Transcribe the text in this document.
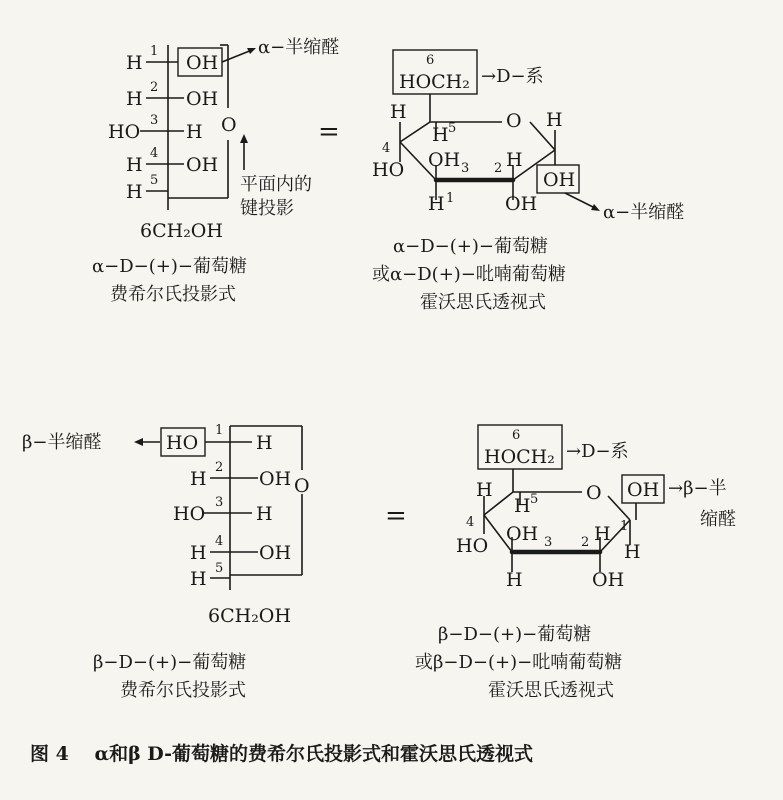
H
1
OH
α−半缩醛
H
2
OH
HO
3
H O
H
4
OH
H
5
6CH₂OH
平面内的
键投影
α−D−(+)−葡萄糖
费希尔氏投影式
=
6
HOCH₂ →D−系
O H
OH
α−半缩醛
H
4
HO
H 5
OH 3
H 1
H
2
OH
α−D−(+)−葡萄糖
或α−D(+)−吡喃葡萄糖
霍沃思氏透视式
β−半缩醛	HO
1
H
H
2
OH O
HO
3
H
H
4
OH
H 5
6CH₂OH
β−D−(+)−葡萄糖
费希尔氏投影式
=
6
HOCH₂ →D−系
O OH →β−半
缩醛
H
4
HO
H 5
1
H
OH 3
H
2 H
OH
β−D−(+)−葡萄糖
或β−D−(+)−吡喃葡萄糖
霍沃思氏透视式
图 4　 α和β D-葡萄糖的费希尔氏投影式和霍沃思氏透视式
